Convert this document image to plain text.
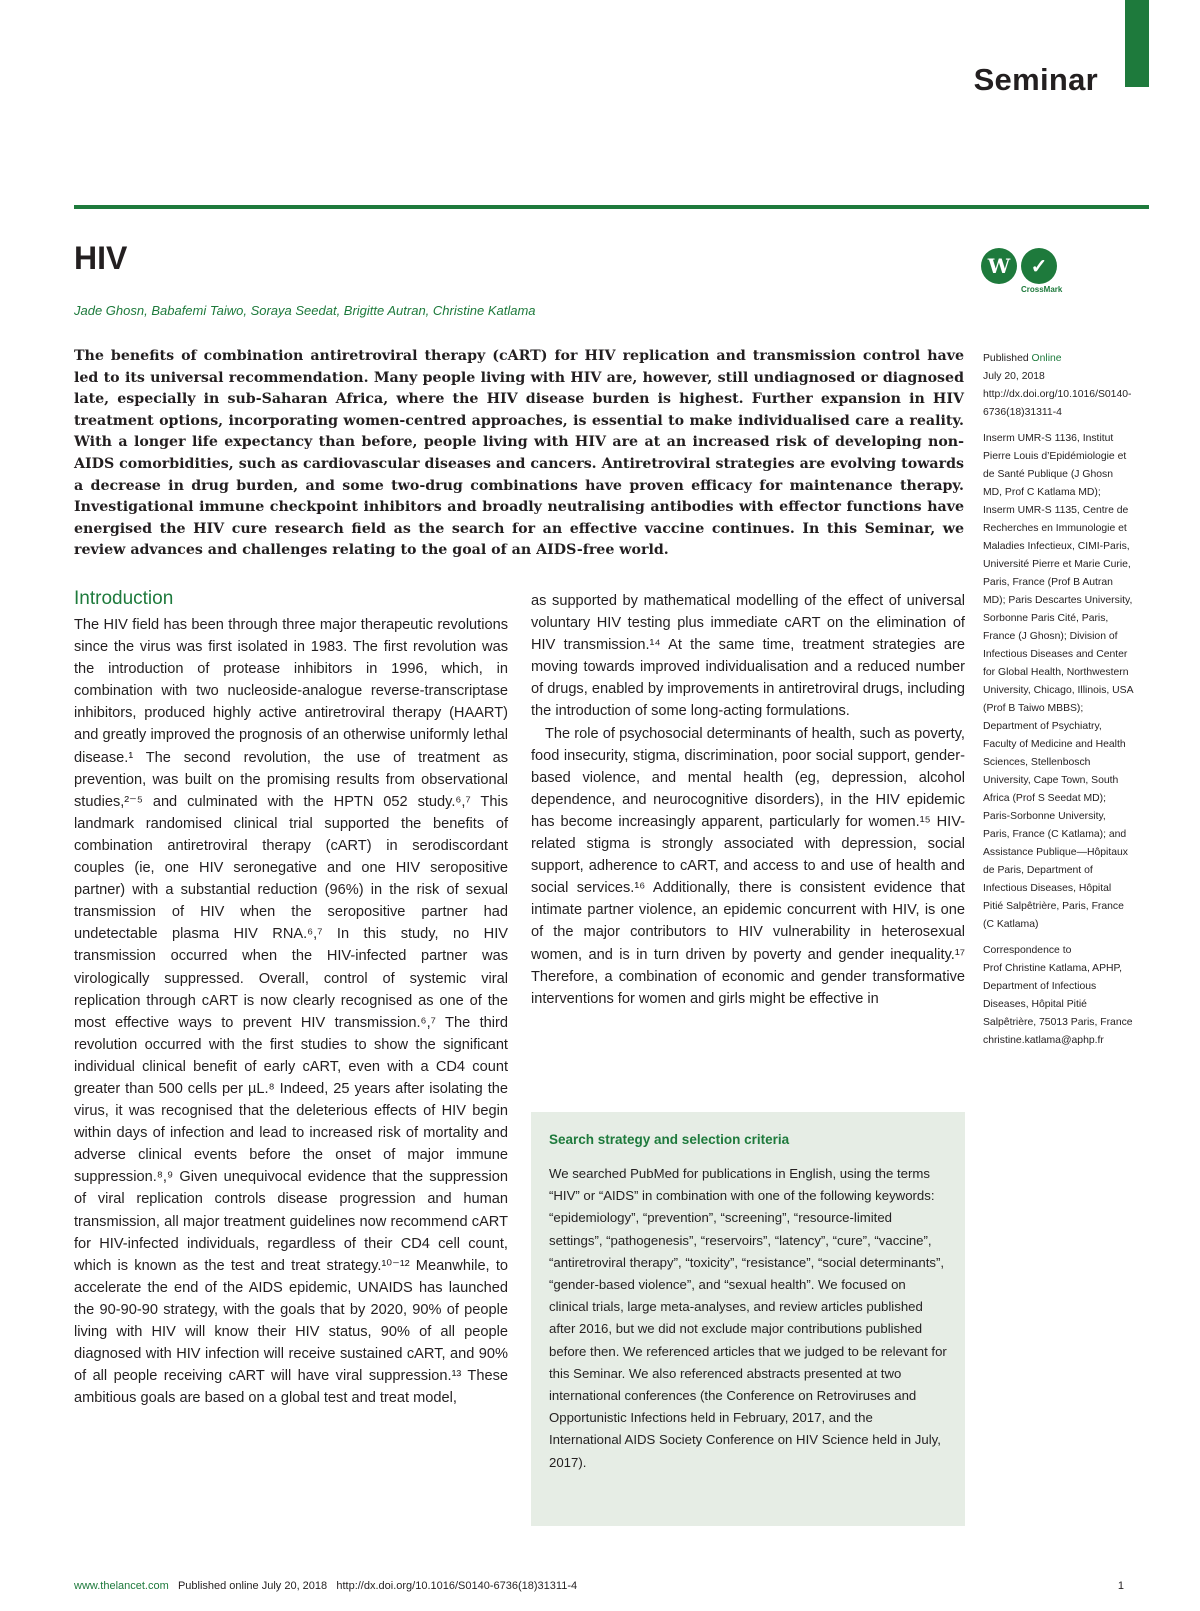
Seminar
HIV	W	✓
CrossMark
Jade Ghosn, Babafemi Taiwo, Soraya Seedat, Brigitte Autran, Christine Katlama

The benefits of combination antiretroviral therapy (cART) for HIV replication and transmission control have led to its universal recommendation. Many people living with HIV are, however, still undiagnosed or diagnosed late, especially in sub-Saharan Africa, where the HIV disease burden is highest. Further expansion in HIV treatment options, incorporating women-centred approaches, is essential to make individualised care a reality. With a longer life expectancy than before, people living with HIV are at an increased risk of developing non-AIDS comorbidities, such as cardiovascular diseases and cancers. Antiretroviral strategies are evolving towards a decrease in drug burden, and some two-drug combinations have proven efficacy for maintenance therapy. Investigational immune checkpoint inhibitors and broadly neutralising antibodies with effector functions have energised the HIV cure research field as the search for an effective vaccine continues. In this Seminar, we review advances and challenges relating to the goal of an AIDS-free world.

Introduction

The HIV field has been through three major therapeutic revolutions since the virus was first isolated in 1983. The first revolution was the introduction of protease inhibitors in 1996, which, in combination with two nucleoside-analogue reverse-transcriptase inhibitors, produced highly active antiretroviral therapy (HAART) and greatly improved the prognosis of an otherwise uniformly lethal disease.¹ The second revolution, the use of treatment as prevention, was built on the promising results from observational studies,²⁻⁵ and culminated with the HPTN 052 study.⁶,⁷ This landmark randomised clinical trial supported the benefits of combination antiretroviral therapy (cART) in serodiscordant couples (ie, one HIV seronegative and one HIV seropositive partner) with a substantial reduction (96%) in the risk of sexual transmission of HIV when the seropositive partner had undetectable plasma HIV RNA.⁶,⁷ In this study, no HIV transmission occurred when the HIV-infected partner was virologically suppressed. Overall, control of systemic viral replication through cART is now clearly recognised as one of the most effective ways to prevent HIV transmission.⁶,⁷ The third revolution occurred with the first studies to show the significant individual clinical benefit of early cART, even with a CD4 count greater than 500 cells per µL.⁸ Indeed, 25 years after isolating the virus, it was recognised that the deleterious effects of HIV begin within days of infection and lead to increased risk of mortality and adverse clinical events before the onset of major immune suppression.⁸,⁹ Given unequivocal evidence that the suppression of viral replication controls disease progression and human transmission, all major treatment guidelines now recommend cART for HIV-infected individuals, regardless of their CD4 cell count, which is known as the test and treat strategy.¹⁰⁻¹² Meanwhile, to accelerate the end of the AIDS epidemic, UNAIDS has launched the 90-90-90 strategy, with the goals that by 2020, 90% of people living with HIV will know their HIV status, 90% of all people diagnosed with HIV infection will receive sustained cART, and 90% of all people receiving cART will have viral suppression.¹³ These ambitious goals are based on a global test and treat model,

as supported by mathematical modelling of the effect of universal voluntary HIV testing plus immediate cART on the elimination of HIV transmission.¹⁴ At the same time, treatment strategies are moving towards improved individualisation and a reduced number of drugs, enabled by improvements in antiretroviral drugs, including the introduction of some long-acting formulations.

The role of psychosocial determinants of health, such as poverty, food insecurity, stigma, discrimination, poor social support, gender-based violence, and mental health (eg, depression, alcohol dependence, and neurocognitive disorders), in the HIV epidemic has become increasingly apparent, particularly for women.¹⁵ HIV-related stigma is strongly associated with depression, social support, adherence to cART, and access to and use of health and social services.¹⁶ Additionally, there is consistent evidence that intimate partner violence, an epidemic concurrent with HIV, is one of the major contributors to HIV vulnerability in heterosexual women, and is in turn driven by poverty and gender inequality.¹⁷ Therefore, a combination of economic and gender transformative interventions for women and girls might be effective in

Published Online
July 20, 2018
http://dx.doi.org/10.1016/S0140-6736(18)31311-4

Inserm UMR-S 1136, Institut Pierre Louis d’Epidémiologie et de Santé Publique (J Ghosn MD, Prof C Katlama MD); Inserm UMR-S 1135, Centre de Recherches en Immunologie et Maladies Infectieux, CIMI-Paris, Université Pierre et Marie Curie, Paris, France (Prof B Autran MD); Paris Descartes University, Sorbonne Paris Cité, Paris, France (J Ghosn); Division of Infectious Diseases and Center for Global Health, Northwestern University, Chicago, Illinois, USA (Prof B Taiwo MBBS); Department of Psychiatry, Faculty of Medicine and Health Sciences, Stellenbosch University, Cape Town, South Africa (Prof S Seedat MD); Paris-Sorbonne University, Paris, France (C Katlama); and Assistance Publique—Hôpitaux de Paris, Department of Infectious Diseases, Hôpital Pitié Salpêtrière, Paris, France (C Katlama)

Correspondence to
Prof Christine Katlama, APHP, Department of Infectious Diseases, Hôpital Pitié Salpêtrière, 75013 Paris, France
christine.katlama@aphp.fr

Search strategy and selection criteria

We searched PubMed for publications in English, using the terms “HIV” or “AIDS” in combination with one of the following keywords: “epidemiology”, “prevention”, “screening”, “resource-limited settings”, “pathogenesis”, “reservoirs”, “latency”, “cure”, “vaccine”, “antiretroviral therapy”, “toxicity”, “resistance”, “social determinants”, “gender-based violence”, and “sexual health”. We focused on clinical trials, large meta-analyses, and review articles published after 2016, but we did not exclude major contributions published before then. We referenced articles that we judged to be relevant for this Seminar. We also referenced abstracts presented at two international conferences (the Conference on Retroviruses and Opportunistic Infections held in February, 2017, and the International AIDS Society Conference on HIV Science held in July, 2017).

www.thelancet.com Published online July 20, 2018 http://dx.doi.org/10.1016/S0140-6736(18)31311-4	1
